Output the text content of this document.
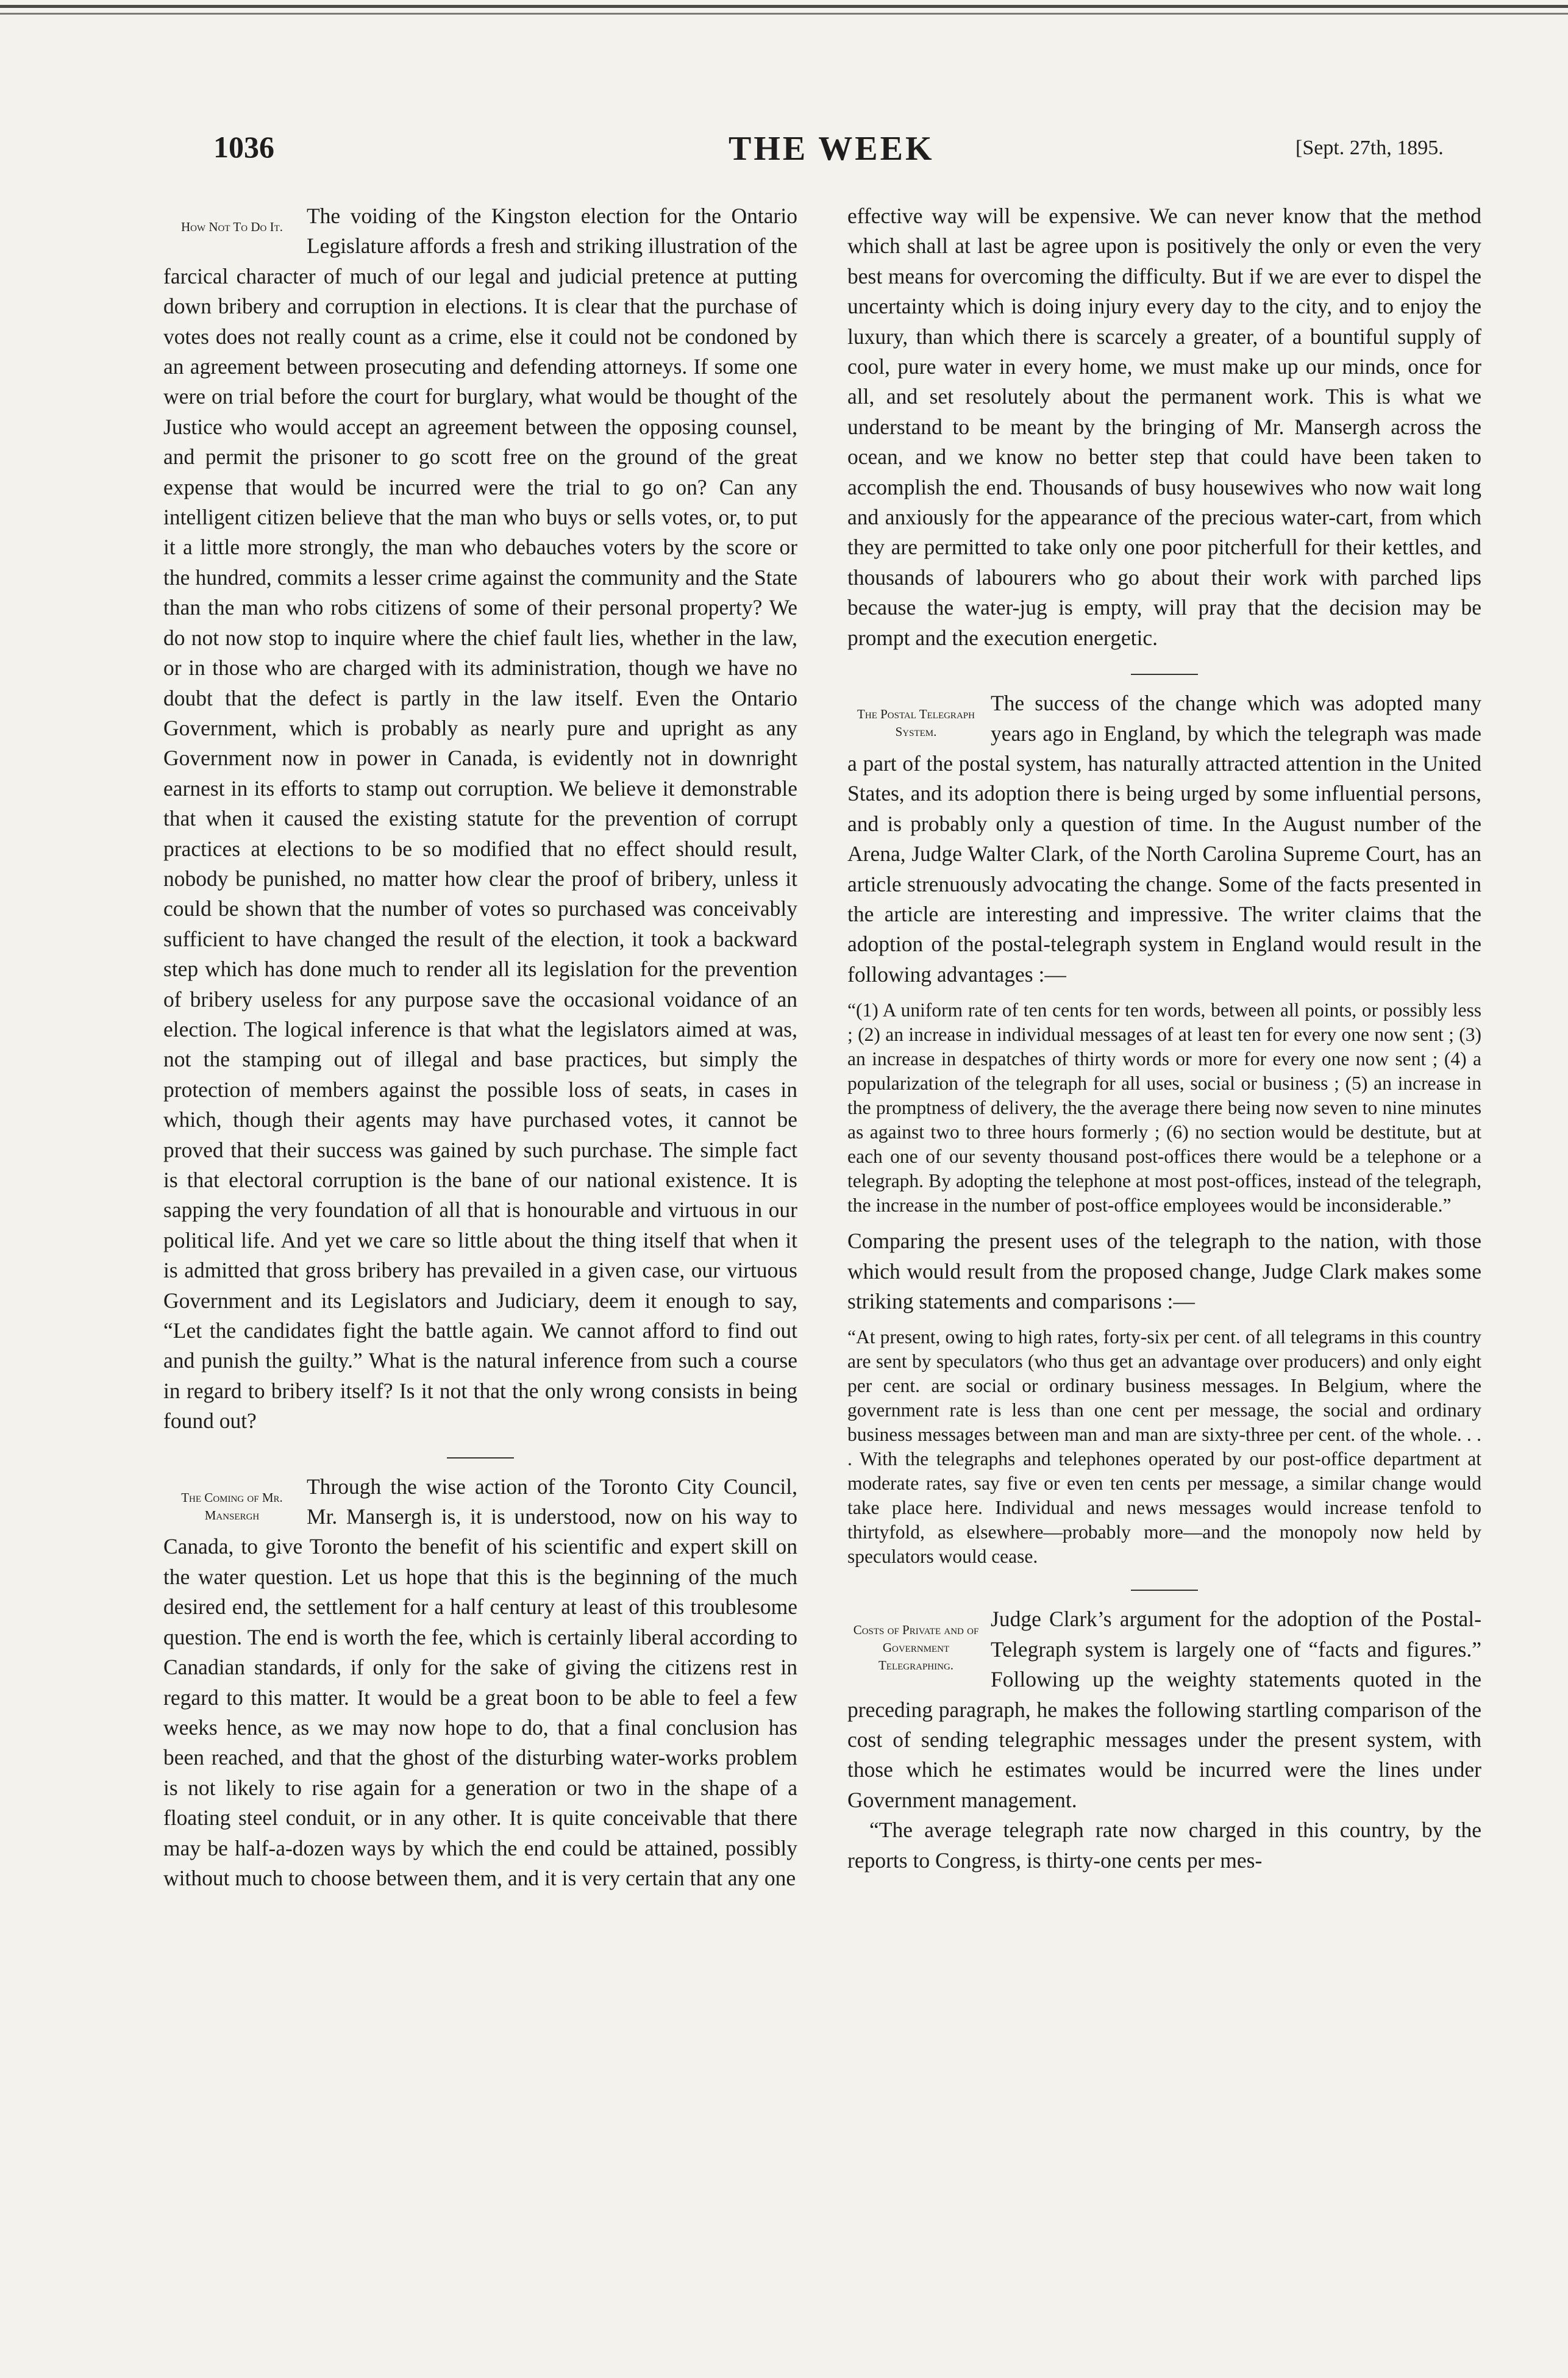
1036	THE WEEK	[Sept. 27th, 1895.
How Not To Do It.	The voiding of the Kingston election for the Ontario Legislature affords a fresh and striking illustration of the farcical character of much of our legal and judicial pretence at putting down bribery and corruption in elections. It is clear that the purchase of votes does not really count as a crime, else it could not be condoned by an agreement between prosecuting and defending attorneys. If some one were on trial before the court for burglary, what would be thought of the Justice who would accept an agreement between the opposing counsel, and permit the prisoner to go scott free on the ground of the great expense that would be incurred were the trial to go on? Can any intelligent citizen believe that the man who buys or sells votes, or, to put it a little more strongly, the man who debauches voters by the score or the hundred, commits a lesser crime against the community and the State than the man who robs citizens of some of their personal property? We do not now stop to inquire where the chief fault lies, whether in the law, or in those who are charged with its administration, though we have no doubt that the defect is partly in the law itself. Even the Ontario Government, which is probably as nearly pure and upright as any Government now in power in Canada, is evidently not in downright earnest in its efforts to stamp out corruption. We believe it demonstrable that when it caused the existing statute for the prevention of corrupt practices at elections to be so modified that no effect should result, nobody be punished, no matter how clear the proof of bribery, unless it could be shown that the number of votes so purchased was conceivably sufficient to have changed the result of the election, it took a backward step which has done much to render all its legislation for the prevention of bribery useless for any purpose save the occasional voidance of an election. The logical inference is that what the legislators aimed at was, not the stamping out of illegal and base practices, but simply the protection of members against the possible loss of seats, in cases in which, though their agents may have purchased votes, it cannot be proved that their success was gained by such purchase. The simple fact is that electoral corruption is the bane of our national existence. It is sapping the very foundation of all that is honourable and virtuous in our political life. And yet we care so little about the thing itself that when it is admitted that gross bribery has prevailed in a given case, our virtuous Government and its Legislators and Judiciary, deem it enough to say, “Let the candidates fight the battle again. We cannot afford to find out and punish the guilty.” What is the natural inference from such a course in regard to bribery itself? Is it not that the only wrong consists in being found out?

The Coming of Mr. Mansergh

Through the wise action of the Toronto City Council, Mr. Mansergh is, it is understood, now on his way to Canada, to give Toronto the benefit of his scientific and expert skill on the water question. Let us hope that this is the beginning of the much desired end, the settlement for a half century at least of this troublesome question. The end is worth the fee, which is certainly liberal according to Canadian standards, if only for the sake of giving the citizens rest in regard to this matter. It would be a great boon to be able to feel a few weeks hence, as we may now hope to do, that a final conclusion has been reached, and that the ghost of the disturbing water-works problem is not likely to rise again for a generation or two in the shape of a floating steel conduit, or in any other. It is quite conceivable that there may be half-a-dozen ways by which the end could be attained, possibly without much to choose between them, and it is very certain that any one

effective way will be expensive. We can never know that the method which shall at last be agree upon is positively the only or even the very best means for overcoming the difficulty. But if we are ever to dispel the uncertainty which is doing injury every day to the city, and to enjoy the luxury, than which there is scarcely a greater, of a bountiful supply of cool, pure water in every home, we must make up our minds, once for all, and set resolutely about the permanent work. This is what we understand to be meant by the bringing of Mr. Mansergh across the ocean, and we know no better step that could have been taken to accomplish the end. Thousands of busy housewives who now wait long and anxiously for the appearance of the precious water-cart, from which they are permitted to take only one poor pitcherfull for their kettles, and thousands of labourers who go about their work with parched lips because the water-jug is empty, will pray that the decision may be prompt and the execution energetic.

The Postal Telegraph System.

The success of the change which was adopted many years ago in England, by which the telegraph was made a part of the postal system, has naturally attracted attention in the United States, and its adoption there is being urged by some influential persons, and is probably only a question of time. In the August number of the Arena, Judge Walter Clark, of the North Carolina Supreme Court, has an article strenuously advocating the change. Some of the facts presented in the article are interesting and impressive. The writer claims that the adoption of the postal-telegraph system in England would result in the following advantages :—

“(1) A uniform rate of ten cents for ten words, between all points, or possibly less ; (2) an increase in individual messages of at least ten for every one now sent ; (3) an increase in despatches of thirty words or more for every one now sent ; (4) a popularization of the telegraph for all uses, social or business ; (5) an increase in the promptness of delivery, the the average there being now seven to nine minutes as against two to three hours formerly ; (6) no section would be destitute, but at each one of our seventy thousand post-offices there would be a telephone or a telegraph. By adopting the telephone at most post-offices, instead of the telegraph, the increase in the number of post-office employees would be inconsiderable.”

Comparing the present uses of the telegraph to the nation, with those which would result from the proposed change, Judge Clark makes some striking statements and comparisons :—

“At present, owing to high rates, forty-six per cent. of all telegrams in this country are sent by speculators (who thus get an advantage over producers) and only eight per cent. are social or ordinary business messages. In Belgium, where the government rate is less than one cent per message, the social and ordinary business messages between man and man are sixty-three per cent. of the whole. . . . With the telegraphs and telephones operated by our post-office department at moderate rates, say five or even ten cents per message, a similar change would take place here. Individual and news messages would increase tenfold to thirtyfold, as elsewhere—probably more—and the monopoly now held by speculators would cease.

Costs of Private and of Government Telegraphing.

Judge Clark’s argument for the adoption of the Postal-Telegraph system is largely one of “facts and figures.” Following up the weighty statements quoted in the preceding paragraph, he makes the following startling comparison of the cost of sending telegraphic messages under the present system, with those which he estimates would be incurred were the lines under Government management.

“The average telegraph rate now charged in this country, by the reports to Congress, is thirty-one cents per mes-
